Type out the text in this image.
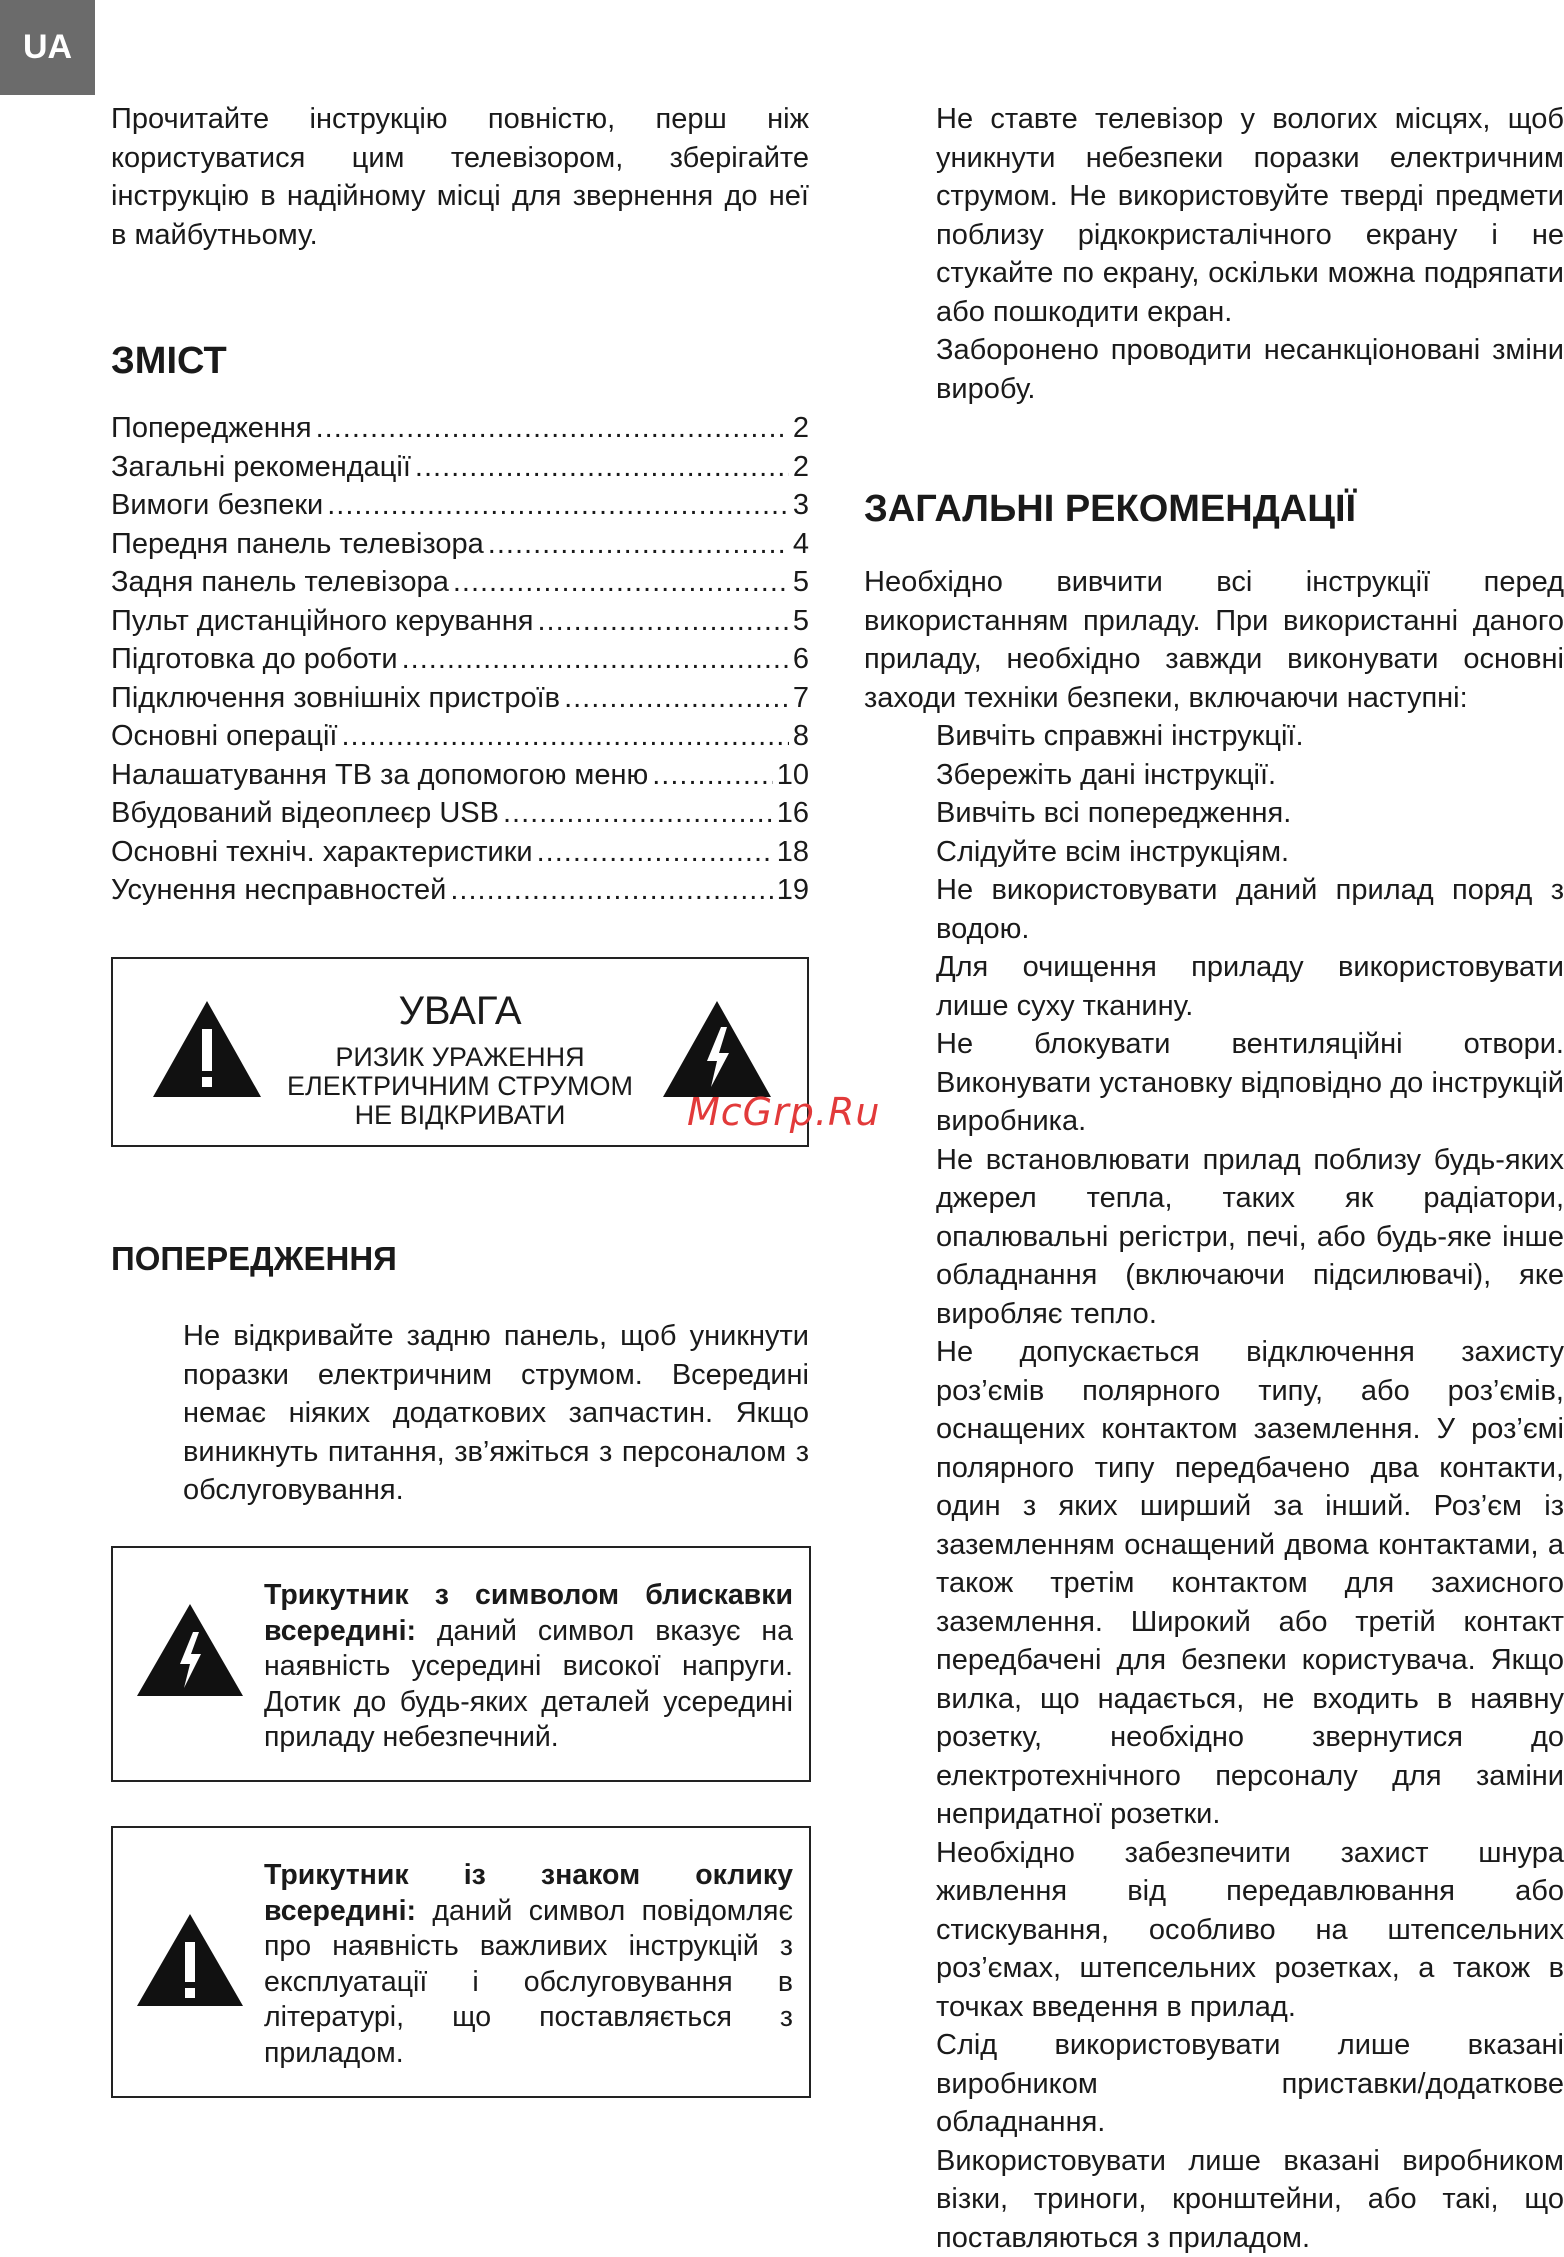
UA

Прочитайте інструкцію повністю, перш ніж користуватися цим телевізором, зберігайте інструкцію в надійному місці для звернення до неї в майбутньому.

ЗМІСТ
Попередження .....	2
Загальні рекомендації .....	2
Вимоги безпеки .....	3
Передня панель телевізора .....	4
Задня панель телевізора .....	5
Пульт дистанційного керування .....	5
Підготовка до роботи .....	6
Підключення зовнішніх пристроїв .....	7
Основні операції .....	8
Налашатування ТВ за допомогою меню .....	10
Вбудований відеоплеєр USB .....	16
Основні техніч. характеристики .....	18
Усунення несправностей .....	19
УВАГА
РИЗИК УРАЖЕННЯ
ЕЛЕКТРИЧНИМ СТРУМОМ
НЕ ВІДКРИВАТИ	McGrp.Ru
ПОПЕРЕДЖЕННЯ

Не відкривайте задню панель, щоб уникнути поразки електричним струмом. Всередині немає ніяких додаткових запчастин. Якщо виникнуть питання, зв’яжіться з персоналом з обслуговування.

Трикутник з символом блискавки всередині: даний символ вказує на наявність усередині високої напруги. Дотик до будь-яких деталей усередині приладу небезпечний.
Трикутник із знаком оклику всередині: даний символ повідомляє про наявність важливих інструкцій з експлуатації і обслуговування в літературі, що поставляється з приладом.

Не ставте телевізор у вологих місцях, щоб уникнути небезпеки поразки електричним струмом. Не використовуйте тверді предмети поблизу рідкокристалічного екрану і не стукайте по екрану, оскільки можна подряпати або пошкодити екран.

Заборонено проводити несанкціоновані зміни виробу.

ЗАГАЛЬНІ РЕКОМЕНДАЦІЇ

Необхідно вивчити всі інструкції перед використанням приладу. При використанні даного приладу, необхідно завжди виконувати основні заходи техніки безпеки, включаючи наступні:

Вивчіть справжні інструкції.

Збережіть дані інструкції.

Вивчіть всі попередження.

Слідуйте всім інструкціям.

Не використовувати даний прилад поряд з водою.

Для очищення приладу використовувати лише суху тканину.

Не блокувати вентиляційні отвори. Виконувати установку відповідно до інструкцій виробника.

Не встановлювати прилад поблизу будь-яких джерел тепла, таких як радіатори, опалювальні регістри, печі, або будь-яке інше обладнання (включаючи підсилювачі), яке виробляє тепло.

Не допускається відключення захисту роз’ємів полярного типу, або роз’ємів, оснащених контактом заземлення. У роз’ємі полярного типу передбачено два контакти, один з яких ширший за інший. Роз’єм із заземленням оснащений двома контактами, а також третім контактом для захисного заземлення. Широкий або третій контакт передбачені для безпеки користувача. Якщо вилка, що надається, не входить в наявну розетку, необхідно звернутися до електротехнічного персоналу для заміни непридатної розетки.

Необхідно забезпечити захист шнура живлення від передавлювання або стискування, особливо на штепсельних роз’ємах, штепсельних розетках, а також в точках введення в прилад.

Слід використовувати лише вказані виробником приставки/додаткове обладнання.

Використовувати лише вказані виробником візки, триноги, кронштейни, або такі, що поставляються з приладом.
